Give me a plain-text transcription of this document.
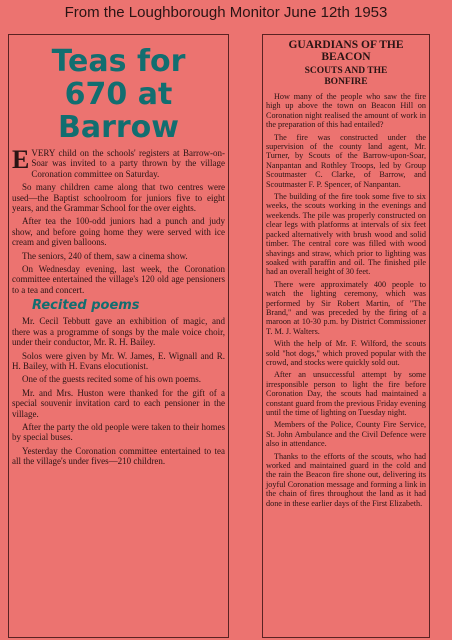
From the Loughborough Monitor June 12th 1953
Teas for
670 at
Barrow

EVERY child on the schools' registers at Barrow-on-Soar was invited to a party thrown by the village Coronation committee on Saturday.

So many children came along that two centres were used—the Baptist schoolroom for juniors five to eight years, and the Grammar School for the over eights.

After tea the 100-odd juniors had a punch and judy show, and before going home they were served with ice cream and given balloons.

The seniors, 240 of them, saw a cinema show.

On Wednesday evening, last week, the Coronation committee entertained the village's 120 old age pensioners to a tea and concert.

Recited poems

Mr. Cecil Tebbutt gave an exhibition of magic, and there was a programme of songs by the male voice choir, under their conductor, Mr. R. H. Bailey.

Solos were given by Mr. W. James, E. Wignall and R. H. Bailey, with H. Evans elocutionist.

One of the guests recited some of his own poems.

Mr. and Mrs. Huston were thanked for the gift of a special souvenir invitation card to each pensioner in the village.

After the party the old people were taken to their homes by special buses.

Yesterday the Coronation committee entertained to tea all the village's under fives—210 children.

GUARDIANS OF THE
BEACON
SCOUTS AND THE
BONFIRE

How many of the people who saw the fire high up above the town on Beacon Hill on Coronation night realised the amount of work in the preparation of this had entailed?

The fire was constructed under the supervision of the county land agent, Mr. Turner, by Scouts of the Barrow-upon-Soar, Nanpantan and Rothley Troops, led by Group Scoutmaster C. Clarke, of Barrow, and Scoutmaster F. P. Spencer, of Nanpantan.

The building of the fire took some five to six weeks, the scouts working in the evenings and weekends. The pile was properly constructed on clear legs with platforms at intervals of six feet packed alternatively with brush wood and solid timber. The central core was filled with wood shavings and straw, which prior to lighting was soaked with paraffin and oil. The finished pile had an overall height of 30 feet.

There were approximately 400 people to watch the lighting ceremony, which was performed by Sir Robert Martin, of "The Brand," and was preceded by the firing of a maroon at 10-30 p.m. by District Commissioner T. M. J. Walters.

With the help of Mr. F. Wilford, the scouts sold "hot dogs," which proved popular with the crowd, and stocks were quickly sold out.

After an unsuccessful attempt by some irresponsible person to light the fire before Coronation Day, the scouts had maintained a constant guard from the previous Friday evening until the time of lighting on Tuesday night.

Members of the Police, County Fire Service, St. John Ambulance and the Civil Defence were also in attendance.

Thanks to the efforts of the scouts, who had worked and maintained guard in the cold and the rain the Beacon fire shone out, delivering its joyful Coronation message and forming a link in the chain of fires throughout the land as it had done in these earlier days of the First Elizabeth.
